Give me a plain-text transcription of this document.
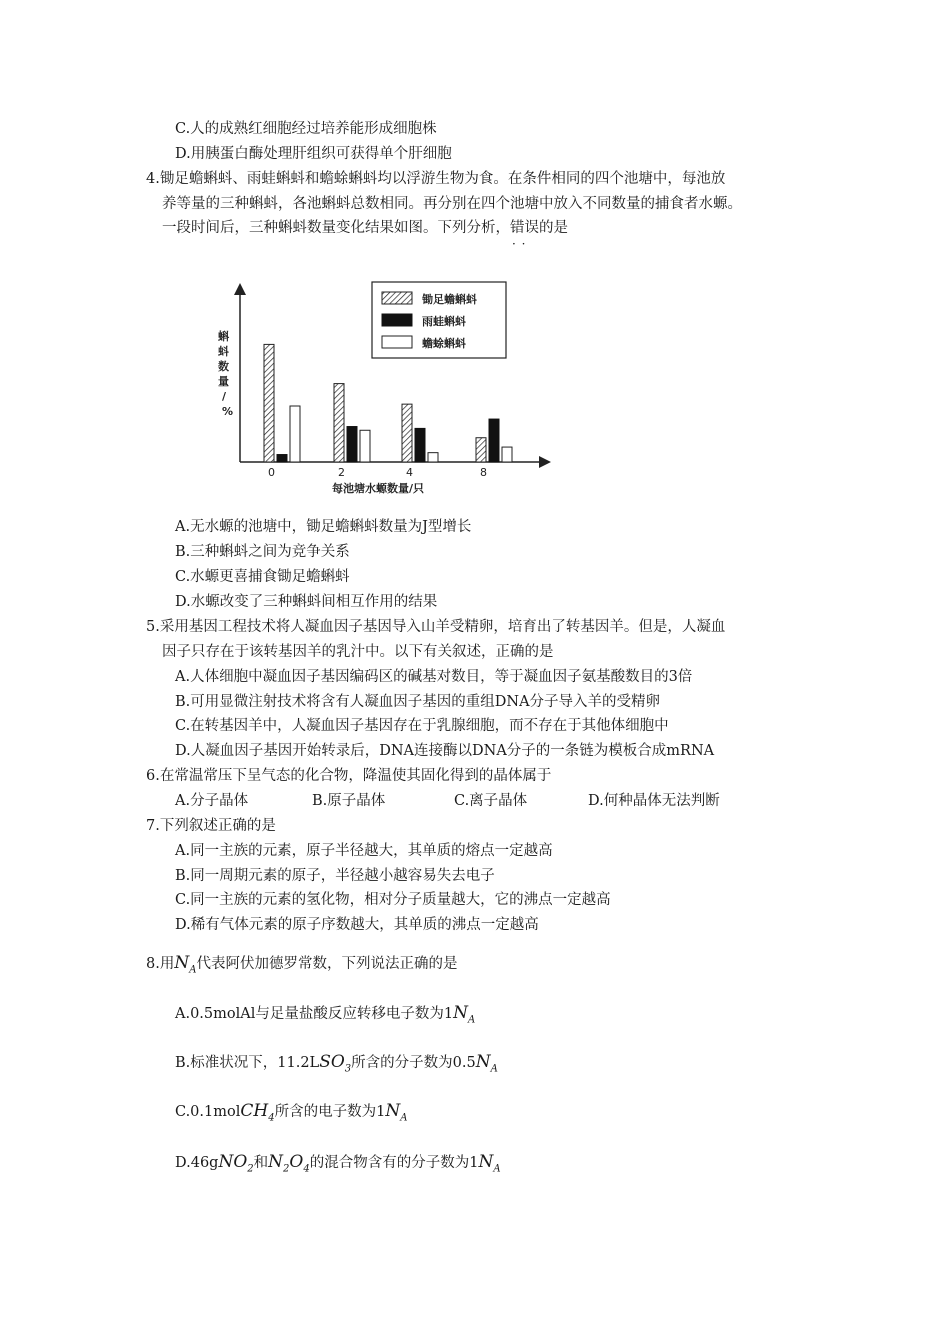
C.人的成熟红细胞经过培养能形成细胞株
D.用胰蛋白酶处理肝组织可获得单个肝细胞
4.锄足蟾蝌蚪、雨蛙蝌蚪和蟾蜍蝌蚪均以浮游生物为食。在条件相同的四个池塘中，每池放
养等量的三种蝌蚪，各池蝌蚪总数相同。再分别在四个池塘中放入不同数量的捕食者水螈。
一段时间后，三种蝌蚪数量变化结果如图。下列分析，错误 · ·的是
蝌蚪数量/ %
每池塘水螈数量/只
0	2	4	8
锄足蟾蝌蚪
雨蛙蝌蚪
蟾蜍蝌蚪
A.无水螈的池塘中，锄足蟾蝌蚪数量为J型增长
B.三种蝌蚪之间为竞争关系
C.水螈更喜捕食锄足蟾蝌蚪
D.水螈改变了三种蝌蚪间相互作用的结果
5.采用基因工程技术将人凝血因子基因导入山羊受精卵，培育出了转基因羊。但是，人凝血
因子只存在于该转基因羊的乳汁中。以下有关叙述，正确的是
A.人体细胞中凝血因子基因编码区的碱基对数目，等于凝血因子氨基酸数目的3倍
B.可用显微注射技术将含有人凝血因子基因的重组DNA分子导入羊的受精卵
C.在转基因羊中，人凝血因子基因存在于乳腺细胞，而不存在于其他体细胞中
D.人凝血因子基因开始转录后，DNA连接酶以DNA分子的一条链为模板合成mRNA
6.在常温常压下呈气态的化合物，降温使其固化得到的晶体属于
A.分子晶体	B.原子晶体	C.离子晶体	D.何种晶体无法判断
7.下列叙述正确的是
A.同一主族的元素，原子半径越大，其单质的熔点一定越高
B.同一周期元素的原子，半径越小越容易失去电子
C.同一主族的元素的氢化物，相对分子质量越大，它的沸点一定越高
D.稀有气体元素的原子序数越大，其单质的沸点一定越高
8.用$N_A$代表阿伏加德罗常数，下列说法正确的是
A.0.5molAl与足量盐酸反应转移电子数为$1N_A$
B.标准状况下，$11.2LSO_3$所含的分子数为$0.5N_A$
C.0.1molCH$_4$所含的电子数为$1N_A$
D.46gNO$_2$和$N_2O_4$的混合物含有的分子数为$1N_A$
